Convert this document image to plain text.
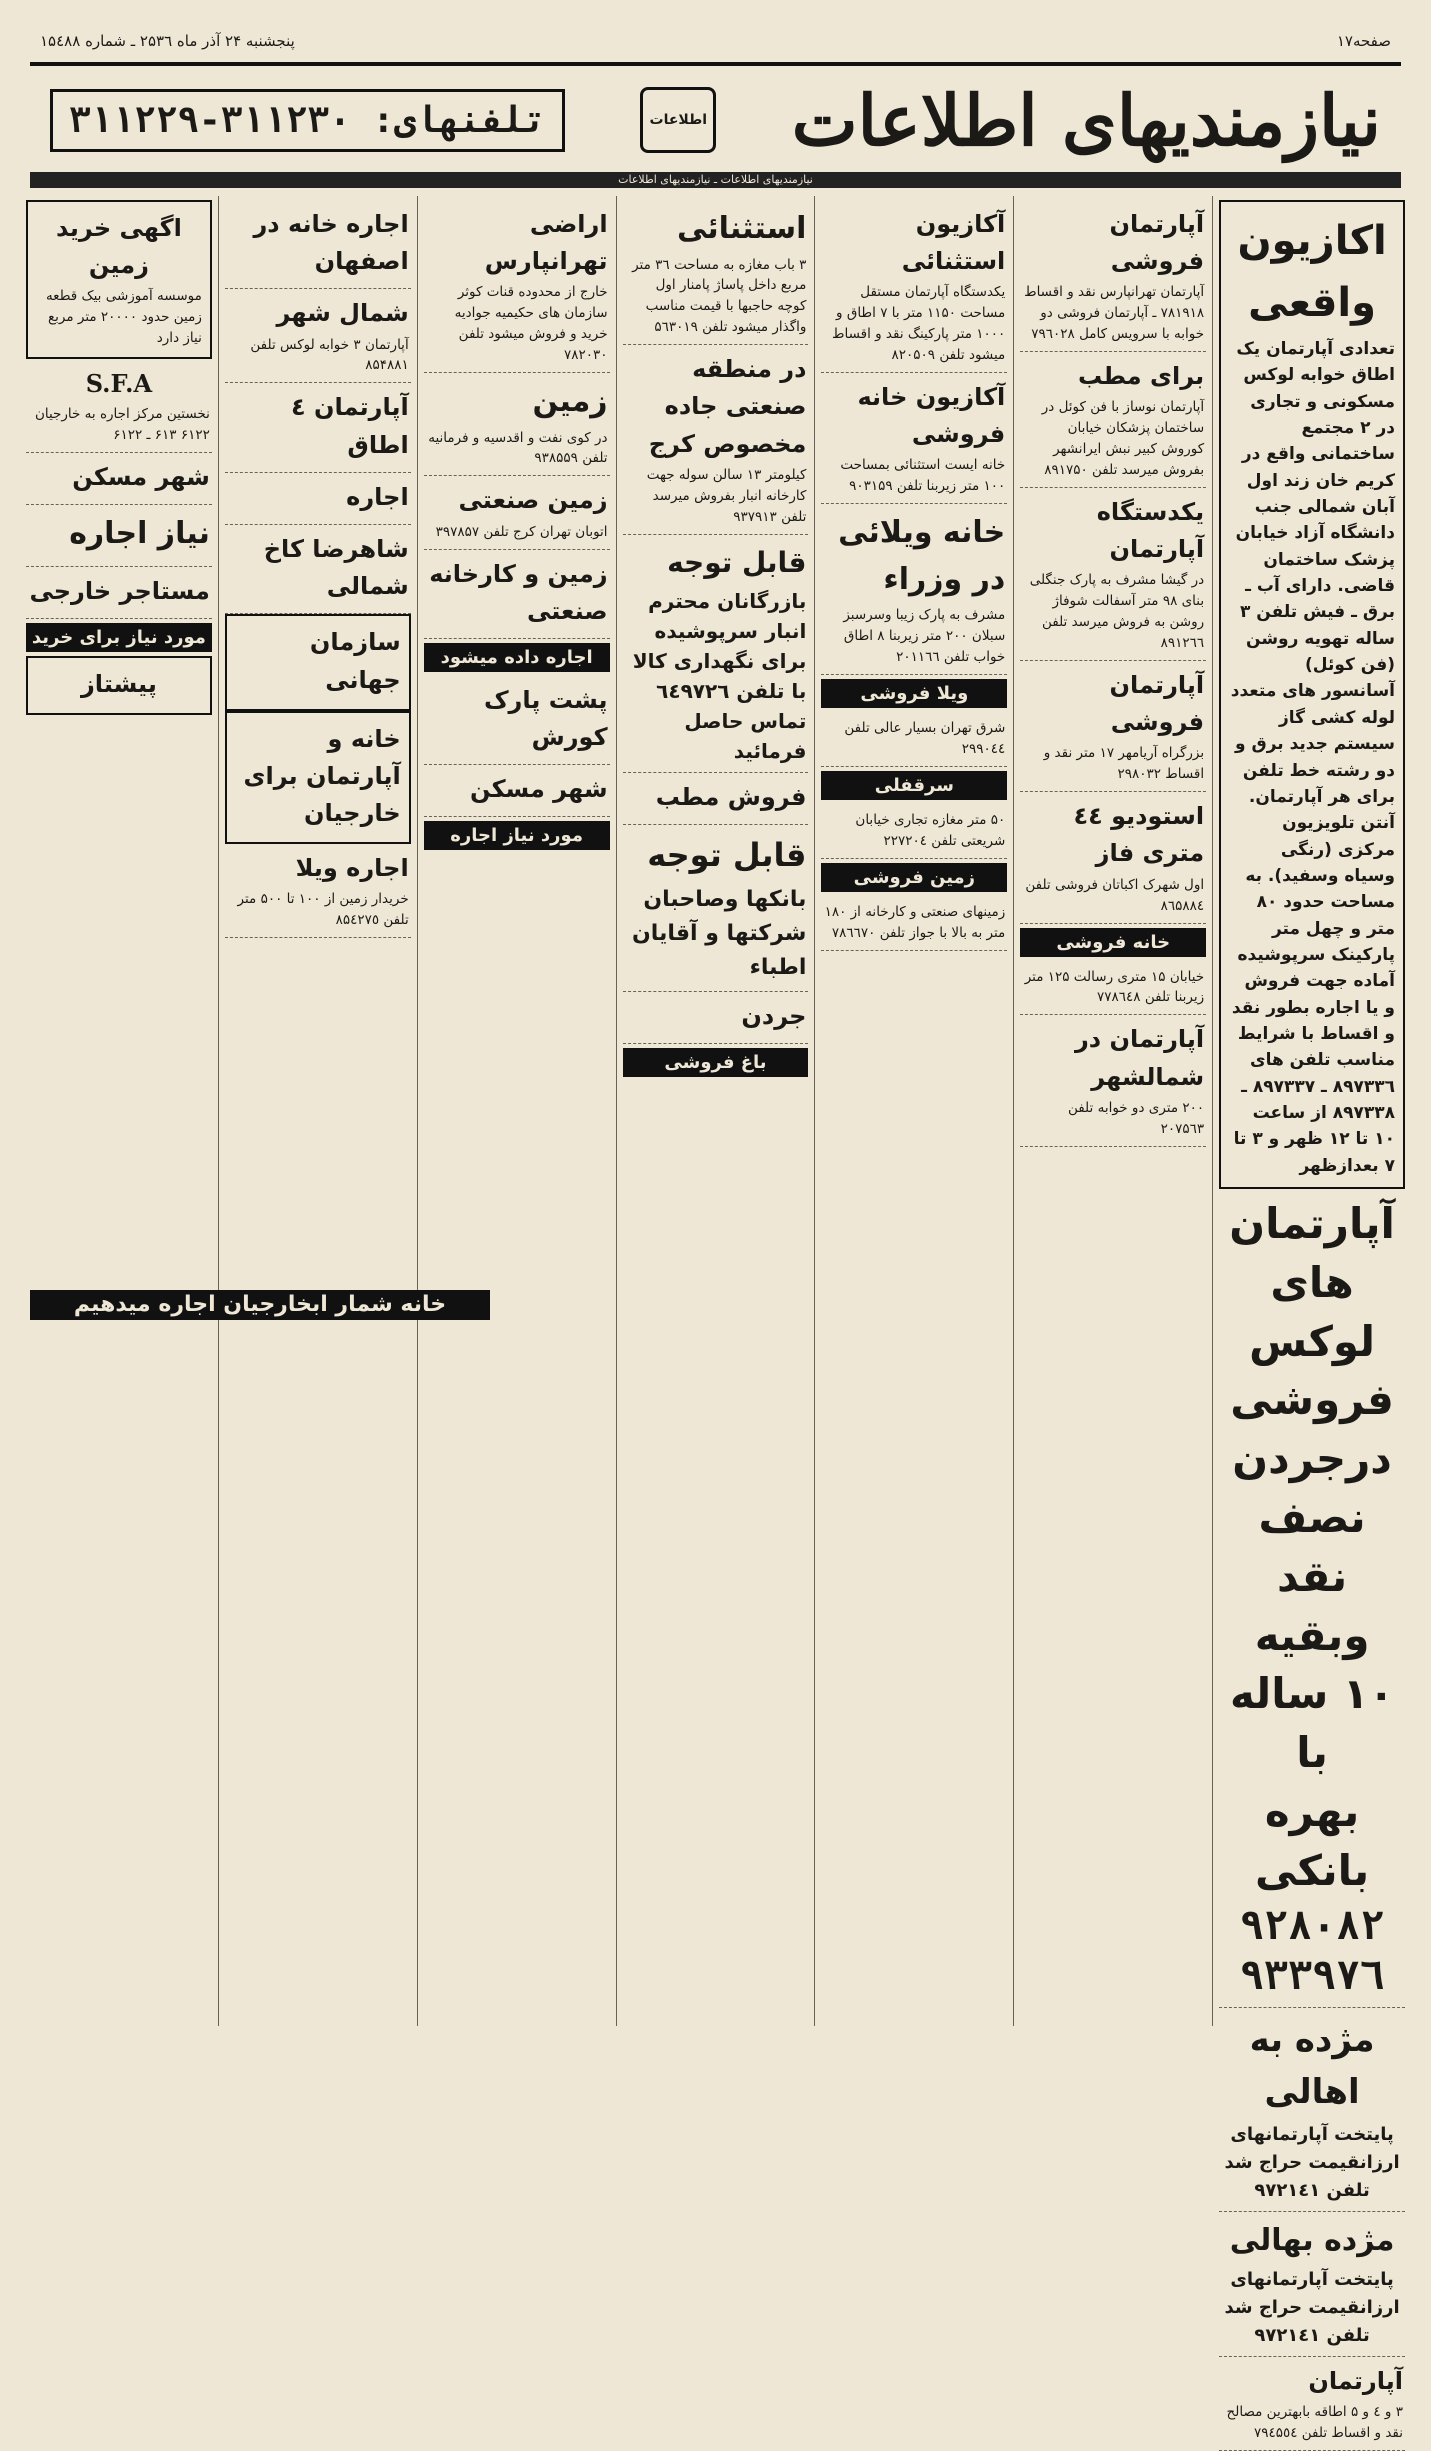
صفحه۱۷
پنجشنبه ۲۴ آذر ماه ۲۵۳٦ ـ شماره ۱۵٤۸۸
نیازمندیهای اطلاعات
اطلاعات
تلفنهای: ۳۱۱۲۳۰-۳۱۱۲۲۹
نیازمندیهای اطلاعات ـ نیازمندیهای اطلاعات
اکازیون واقعی
تعدادی آپارتمان یک اطاق خوابه لوکس مسکونی و تجاری در ۲ مجتمع ساختمانی واقع در کریم خان زند اول آبان شمالی جنب دانشگاه آزاد خیابان پزشک ساختمان قاضی. دارای آب ـ برق ـ فیش تلفن ۳ ساله تهویه روشن (فن کوئل) آسانسور های متعدد لوله کشی گاز سیستم جدید برق و دو رشته خط تلفن برای هر آپارتمان. آنتن تلویزیون مرکزی (رنگی وسیاه وسفید). به مساحت حدود ۸۰ متر و چهل متر پارکینک سرپوشیده آماده جهت فروش و یا اجاره بطور نقد و اقساط با شرایط مناسب تلفن های ۸۹۷۳۳٦ ـ ۸۹۷۳۳۷ ـ ۸۹۷۳۳۸ از ساعت ۱۰ تا ۱۲ ظهر و ۳ تا ۷ بعدازظهر
آپارتمان
های
لوکس
فروشی
درجردن
نصف نقد
وبقیه
۱۰ ساله با
بهره بانکی
۹۲۸۰۸۲
۹۳۳۹۷٦
مژده به اهالی
پایتخت آپارتمانهای ارزانقیمت حراج شد تلفن ۹۷۲۱٤۱
مژده بهالی
پایتخت آپارتمانهای ارزانقیمت حراج شد تلفن ۹۷۲۱٤۱
آپارتمان
۳ و ٤ و ۵ اطاقه بابهترین مصالح نقد و اقساط تلفن ۷۹٤۵٥٤
آپارتمان فروشی
آپارتمان تهرانپارس نقد و اقساط ۷۸۱۹۱۸ ـ آپارتمان فروشی دو خوابه با سرویس کامل ۷۹٦۰۲۸
برای مطب
آپارتمان نوساز با فن کوئل در ساختمان پزشکان خیابان کوروش کبیر نبش ایرانشهر بفروش میرسد تلفن ۸۹۱۷۵۰
یکدستگاه آپارتمان
در گیشا مشرف به پارک جنگلی بنای ۹۸ متر آسفالت شوفاژ روشن به فروش میرسد تلفن ۸۹۱۲٦٦
آپارتمان فروشی
بزرگراه آریامهر ۱۷ متر نقد و اقساط ۲۹۸۰۳۲
استودیو ٤٤ متری فاز
اول شهرک اکباتان فروشی تلفن ۸٦۵۸۸٤
خانه فروشی
خیابان ۱۵ متری رسالت ۱۲۵ متر زیربنا تلفن ۷۷۸٦٤۸
آپارتمان در شمالشهر
۲۰۰ متری دو خوابه تلفن ۲۰۷۵٦۳
آکازیون استثنائی
یکدستگاه آپارتمان مستقل مساحت ۱۱۵۰ متر با ۷ اطاق و ۱۰۰۰ متر پارکینگ نقد و اقساط میشود تلفن ۸۲۰۵۰۹
آکازیون خانه فروشی
خانه ایست استثنائی بمساحت ۱۰۰ متر زیربنا تلفن ۹۰۳۱۵۹
خانه ویلائی در وزراء
مشرف به پارک زیبا وسرسبز سبلان ۲۰۰ متر زیربنا ۸ اطاق خواب تلفن ۲۰۱۱٦٦
ویلا فروشی
شرق تهران بسیار عالی تلفن ۲۹۹۰٤٤
سرقفلی
۵۰ متر مغازه تجاری خیابان شریعتی تلفن ۲۲۷۲۰٤
زمین فروشی
زمینهای صنعتی و کارخانه از ۱۸۰ متر به بالا با جواز تلفن ۷۸٦٦۷۰
استثنائی
۳ باب مغازه به مساحت ۳٦ متر مربع داخل پاساژ پامنار اول کوچه حاجبها با قیمت مناسب واگذار میشود تلفن ۵٦۳۰۱۹
در منطقه صنعتی جاده مخصوص کرج
کیلومتر ۱۳ سالن سوله جهت کارخانه انبار بفروش میرسد تلفن ۹۳۷۹۱۳
قابل توجه
بازرگانان محترم انبار سرپوشیده برای نگهداری کالا با تلفن ٦٤۹۷۲٦ تماس حاصل فرمائید
فروش مطب
قابل توجه
بانکها وصاحبان شرکتها و آقایان اطباء
جردن
باغ فروشی
اراضی تهرانپارس
خارج از محدوده قنات کوثر سازمان های حکیمیه جوادیه خرید و فروش میشود تلفن ۷۸۲۰۳۰
زمین
در کوی نفت و اقدسیه و فرمانیه تلفن ۹۳۸۵۵۹
زمین صنعتی
اتوبان تهران کرج تلفن ۳۹۷۸۵۷
زمین و کارخانه صنعتی
اجاره داده میشود
پشت پارک کورش
شهر مسکن
مورد نیاز اجاره
اجاره خانه در اصفهان
شمال شهر
آپارتمان ۳ خوابه لوکس تلفن ۸۵۴۸۸۱
آپارتمان ٤ اطاق
اجاره
شاهرضا کاخ شمالی
سازمان جهانی
خانه و آپارتمان برای خارجیان
اجاره ویلا
خریدار زمین از ۱۰۰ تا ۵۰۰ متر تلفن ۸۵٤۲۷٥
اگهی خرید زمین
موسسه آموزشی بیک قطعه زمین حدود ۲۰۰۰۰ متر مربع نیاز دارد
S.F.A
نخستین مرکز اجاره به خارجیان ۶۱۲۲ ۶۱۳ ـ ۶۱۲۲
شهر مسکن
نیاز اجاره
مستاجر خارجی
مورد نیاز برای خرید
پیشتاز
خانه شمار ابخارجیان اجاره میدهیم
